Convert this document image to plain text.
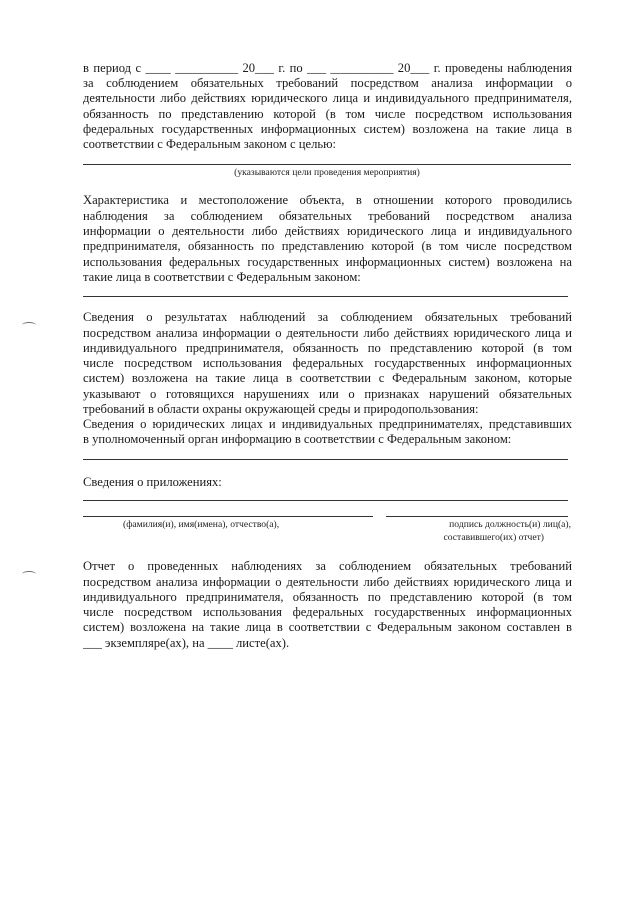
в период с ____ __________ 20___ г. по ___ __________ 20___ г. проведены наблюдения
за соблюдением обязательных требований посредством анализа информации о
деятельности либо действиях юридического лица и индивидуального предпринимателя,
обязанность по представлению которой (в том числе посредством использования
федеральных государственных информационных систем) возложена на такие лица в
соответствии с Федеральным законом с целью:
(указываются цели проведения мероприятия)
Характеристика и местоположение объекта, в отношении которого проводились
наблюдения за соблюдением обязательных требований посредством анализа
информации о деятельности либо действиях юридического лица и индивидуального
предпринимателя, обязанность по представлению которой (в том числе посредством
использования федеральных государственных информационных систем) возложена на
такие лица в соответствии с Федеральным законом:
Сведения о результатах наблюдений за соблюдением обязательных требований
посредством анализа информации о деятельности либо действиях юридического лица и
индивидуального предпринимателя, обязанность по представлению которой (в том
числе посредством использования федеральных государственных информационных
систем) возложена на такие лица в соответствии с Федеральным законом, которые
указывают о готовящихся нарушениях или о признаках нарушений обязательных
требований в области охраны окружающей среды и природопользования:
Сведения о юридических лицах и индивидуальных предпринимателях, представивших
в уполномоченный орган информацию в соответствии с Федеральным законом:
Сведения о приложениях:
(фамилия(и), имя(имена), отчество(а),	подпись должность(и) лиц(а),
составившего(их) отчет)
Отчет о проведенных наблюдениях за соблюдением обязательных требований
посредством анализа информации о деятельности либо действиях юридического лица и
индивидуального предпринимателя, обязанность по представлению которой (в том
числе посредством использования федеральных государственных информационных
систем) возложена на такие лица в соответствии с Федеральным законом составлен в
___ экземпляре(ах), на ____ листе(ах).
